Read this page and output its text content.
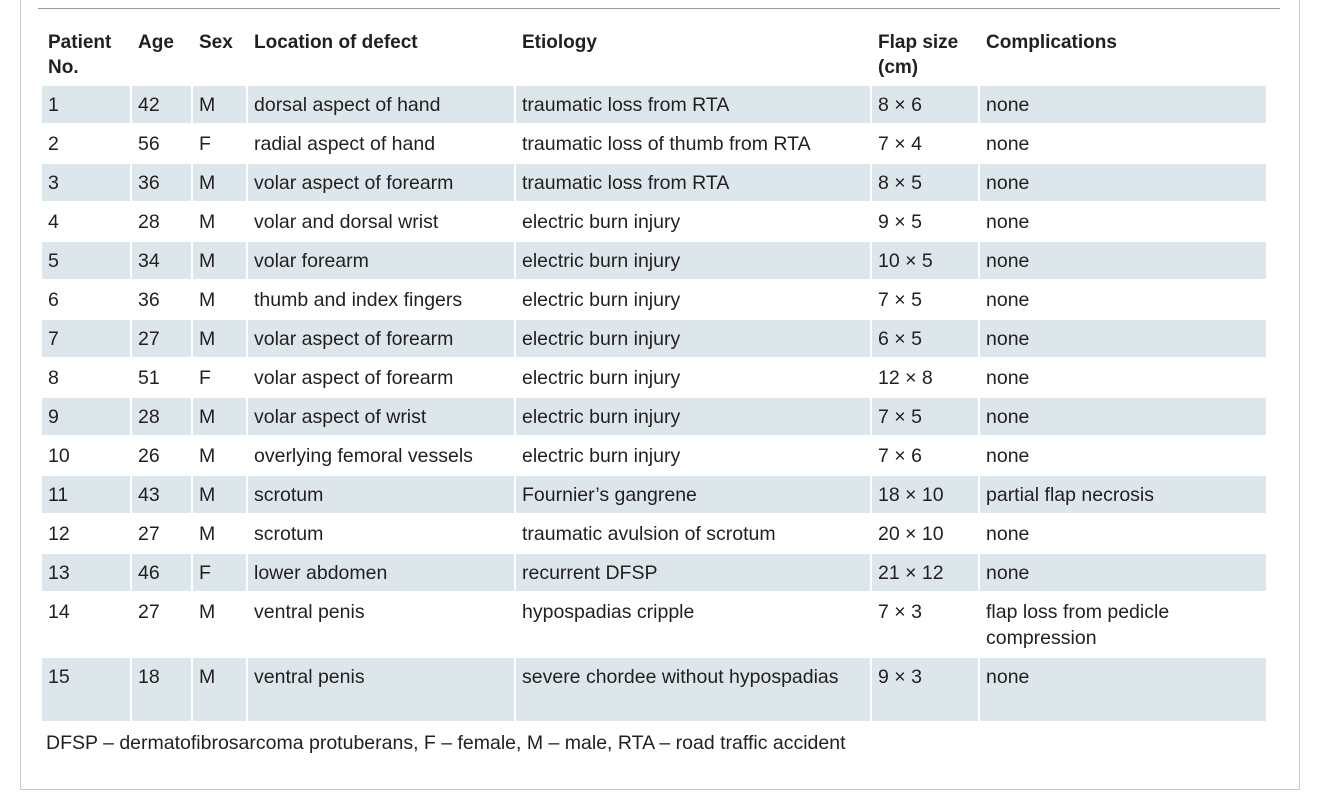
Patient No.	Age	Sex	Location of defect	Etiology	Flap size (cm)	Complications
1	42	M	dorsal aspect of hand	traumatic loss from RTA	8 × 6	none
2	56	F	radial aspect of hand	traumatic loss of thumb from RTA	7 × 4	none
3	36	M	volar aspect of forearm	traumatic loss from RTA	8 × 5	none
4	28	M	volar and dorsal wrist	electric burn injury	9 × 5	none
5	34	M	volar forearm	electric burn injury	10 × 5	none
6	36	M	thumb and index fingers	electric burn injury	7 × 5	none
7	27	M	volar aspect of forearm	electric burn injury	6 × 5	none
8	51	F	volar aspect of forearm	electric burn injury	12 × 8	none
9	28	M	volar aspect of wrist	electric burn injury	7 × 5	none
10	26	M	overlying femoral vessels	electric burn injury	7 × 6	none
11	43	M	scrotum	Fournier’s gangrene	18 × 10	partial flap necrosis
12	27	M	scrotum	traumatic avulsion of scrotum	20 × 10	none
13	46	F	lower abdomen	recurrent DFSP	21 × 12	none
14	27	M	ventral penis	hypospadias cripple	7 × 3	flap loss from pedicle compression
15	18	M	ventral penis	severe chordee without hypospadias	9 × 3	none
DFSP – dermatofibrosarcoma protuberans, F – female, M – male, RTA – road traffic accident
